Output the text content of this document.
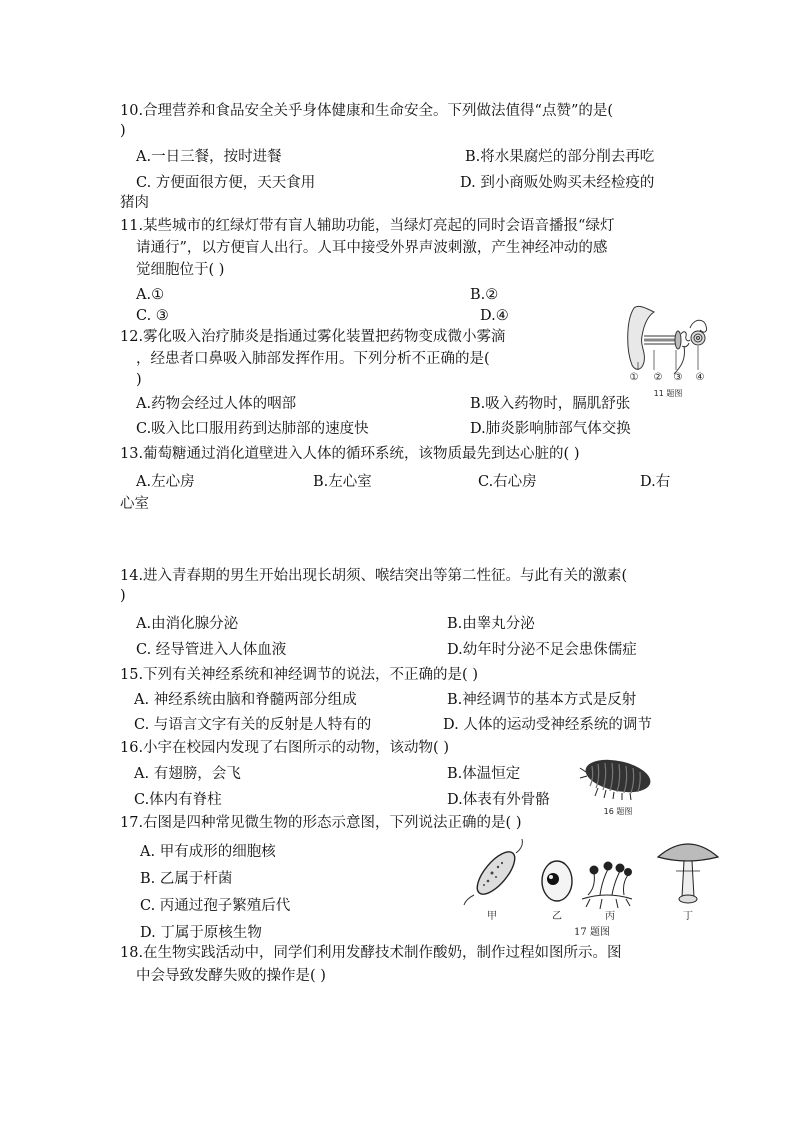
10.合理营养和食品安全关乎身体健康和生命安全。下列做法值得“点赞”的是(
)
A.一日三餐，按时进餐	B.将水果腐烂的部分削去再吃
C. 方便面很方便，天天食用	D. 到小商贩处购买未经检疫的
猪肉
11.某些城市的红绿灯带有盲人辅助功能，当绿灯亮起的同时会语音播报“绿灯
请通行”，以方便盲人出行。人耳中接受外界声波刺激，产生神经冲动的感
觉细胞位于( )
A.①	B.②
C. ③	D.④
① ② ③ ④
11 题图
12.雾化吸入治疗肺炎是指通过雾化装置把药物变成微小雾滴
，经患者口鼻吸入肺部发挥作用。下列分析不正确的是(
)
A.药物会经过人体的咽部	B.吸入药物时，膈肌舒张
C.吸入比口服用药到达肺部的速度快	D.肺炎影响肺部气体交换
13.葡萄糖通过消化道壁进入人体的循环系统，该物质最先到达心脏的( )
A.左心房	B.左心室	C.右心房	D.右
心室
14.进入青春期的男生开始出现长胡须、喉结突出等第二性征。与此有关的激素(
)
A.由消化腺分泌	B.由睾丸分泌
C. 经导管进入人体血液	D.幼年时分泌不足会患侏儒症
15.下列有关神经系统和神经调节的说法，不正确的是( )
A. 神经系统由脑和脊髓两部分组成	B.神经调节的基本方式是反射
C. 与语言文字有关的反射是人特有的	D. 人体的运动受神经系统的调节
16.小宇在校园内发现了右图所示的动物，该动物( )
A. 有翅膀，会飞	B.体温恒定
C.体内有脊柱	D.体表有外骨骼
16 题图
17.右图是四种常见微生物的形态示意图，下列说法正确的是( )
A. 甲有成形的细胞核
B. 乙属于杆菌
C. 丙通过孢子繁殖后代
D. 丁属于原核生物
甲	乙	丙	丁
17 题图
18.在生物实践活动中，同学们利用发酵技术制作酸奶，制作过程如图所示。图
中会导致发酵失败的操作是( )
